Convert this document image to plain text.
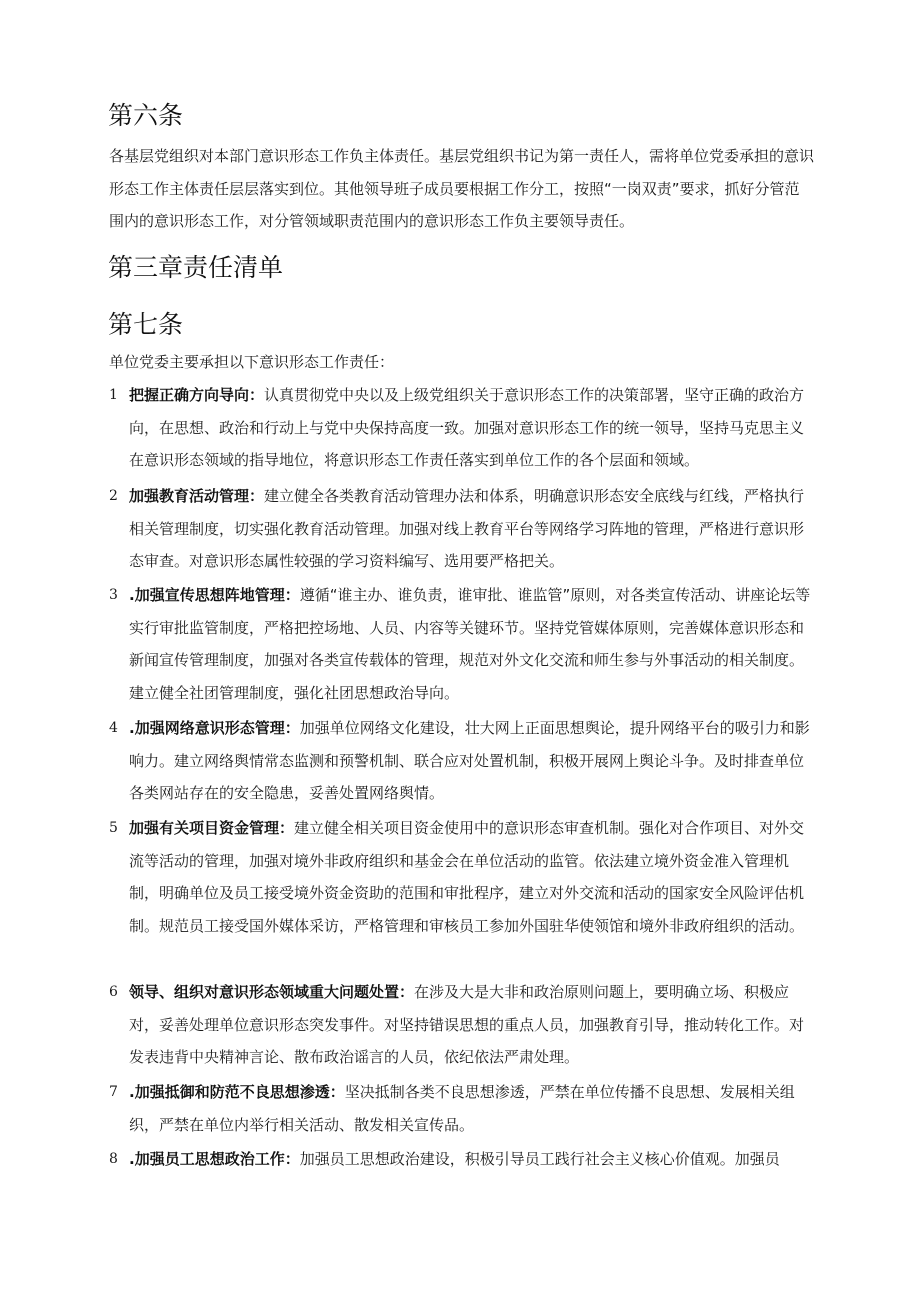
第六条

各基层党组织对本部门意识形态工作负主体责任。基层党组织书记为第一责任人，需将单位党委承担的意识形态工作主体责任层层落实到位。其他领导班子成员要根据工作分工，按照“一岗双责”要求，抓好分管范围内的意识形态工作，对分管领域职责范围内的意识形态工作负主要领导责任。

第三章责任清单
第七条

单位党委主要承担以下意识形态工作责任：

1 把握正确方向导向：认真贯彻党中央以及上级党组织关于意识形态工作的决策部署，坚守正确的政治方向，在思想、政治和行动上与党中央保持高度一致。加强对意识形态工作的统一领导，坚持马克思主义在意识形态领域的指导地位，将意识形态工作责任落实到单位工作的各个层面和领域。
2 加强教育活动管理：建立健全各类教育活动管理办法和体系，明确意识形态安全底线与红线，严格执行相关管理制度，切实强化教育活动管理。加强对线上教育平台等网络学习阵地的管理，严格进行意识形态审查。对意识形态属性较强的学习资料编写、选用要严格把关。
3 .加强宣传思想阵地管理：遵循“谁主办、谁负责，谁审批、谁监管”原则，对各类宣传活动、讲座论坛等实行审批监管制度，严格把控场地、人员、内容等关键环节。坚持党管媒体原则，完善媒体意识形态和新闻宣传管理制度，加强对各类宣传载体的管理，规范对外文化交流和师生参与外事活动的相关制度。建立健全社团管理制度，强化社团思想政治导向。
4 .加强网络意识形态管理：加强单位网络文化建设，壮大网上正面思想舆论，提升网络平台的吸引力和影响力。建立网络舆情常态监测和预警机制、联合应对处置机制，积极开展网上舆论斗争。及时排查单位各类网站存在的安全隐患，妥善处置网络舆情。
5 加强有关项目资金管理：建立健全相关项目资金使用中的意识形态审查机制。强化对合作项目、对外交流等活动的管理，加强对境外非政府组织和基金会在单位活动的监管。依法建立境外资金准入管理机制，明确单位及员工接受境外资金资助的范围和审批程序，建立对外交流和活动的国家安全风险评估机制。规范员工接受国外媒体采访，严格管理和审核员工参加外国驻华使领馆和境外非政府组织的活动。
6 领导、组织对意识形态领域重大问题处置：在涉及大是大非和政治原则问题上，要明确立场、积极应对，妥善处理单位意识形态突发事件。对坚持错误思想的重点人员，加强教育引导，推动转化工作。对发表违背中央精神言论、散布政治谣言的人员，依纪依法严肃处理。
7 .加强抵御和防范不良思想渗透：坚决抵制各类不良思想渗透，严禁在单位传播不良思想、发展相关组织，严禁在单位内举行相关活动、散发相关宣传品。
8 .加强员工思想政治工作：加强员工思想政治建设，积极引导员工践行社会主义核心价值观。加强员
